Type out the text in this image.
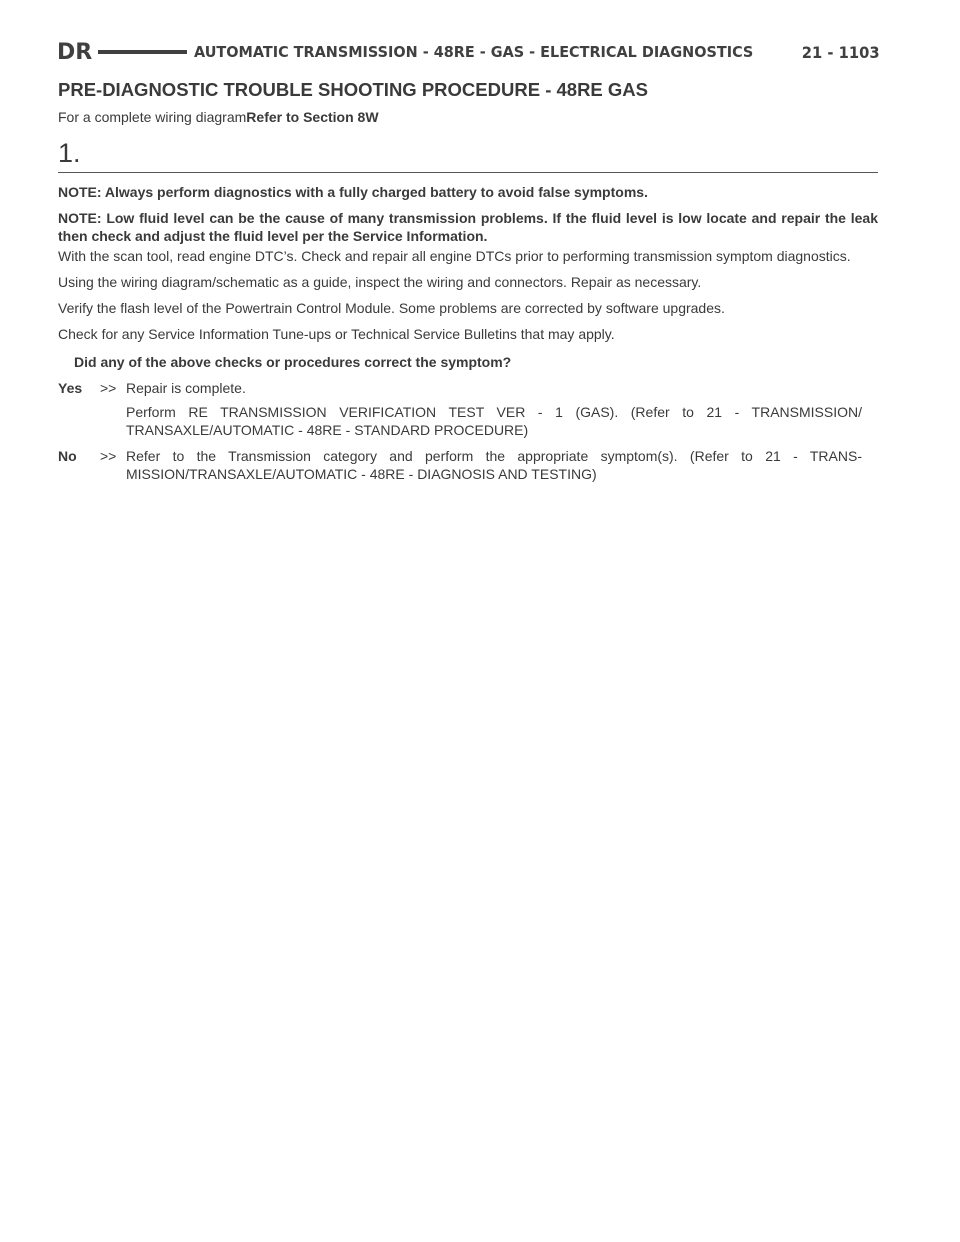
DR	AUTOMATIC TRANSMISSION - 48RE - GAS - ELECTRICAL DIAGNOSTICS	21 - 1103
PRE-DIAGNOSTIC TROUBLE SHOOTING PROCEDURE - 48RE GAS
For a complete wiring diagramRefer to Section 8W
1.

NOTE: Always perform diagnostics with a fully charged battery to avoid false symptoms.

NOTE: Low fluid level can be the cause of many transmission problems. If the fluid level is low locate and repair the leak then check and adjust the fluid level per the Service Information.

With the scan tool, read engine DTC’s. Check and repair all engine DTCs prior to performing transmission symptom diagnostics.

Using the wiring diagram/schematic as a guide, inspect the wiring and connectors. Repair as necessary.

Verify the flash level of the Powertrain Control Module. Some problems are corrected by software upgrades.

Check for any Service Information Tune-ups or Technical Service Bulletins that may apply.

Did any of the above checks or procedures correct the symptom?
Yes	>> Repair is complete.

Perform RE TRANSMISSION VERIFICATION TEST VER - 1 (GAS). (Refer to 21 - TRANSMISSION/ TRANSAXLE/AUTOMATIC - 48RE - STANDARD PROCEDURE)

No	>> Refer to the Transmission category and perform the appropriate symptom(s). (Refer to 21 - TRANS-MISSION/TRANSAXLE/AUTOMATIC - 48RE - DIAGNOSIS AND TESTING)
